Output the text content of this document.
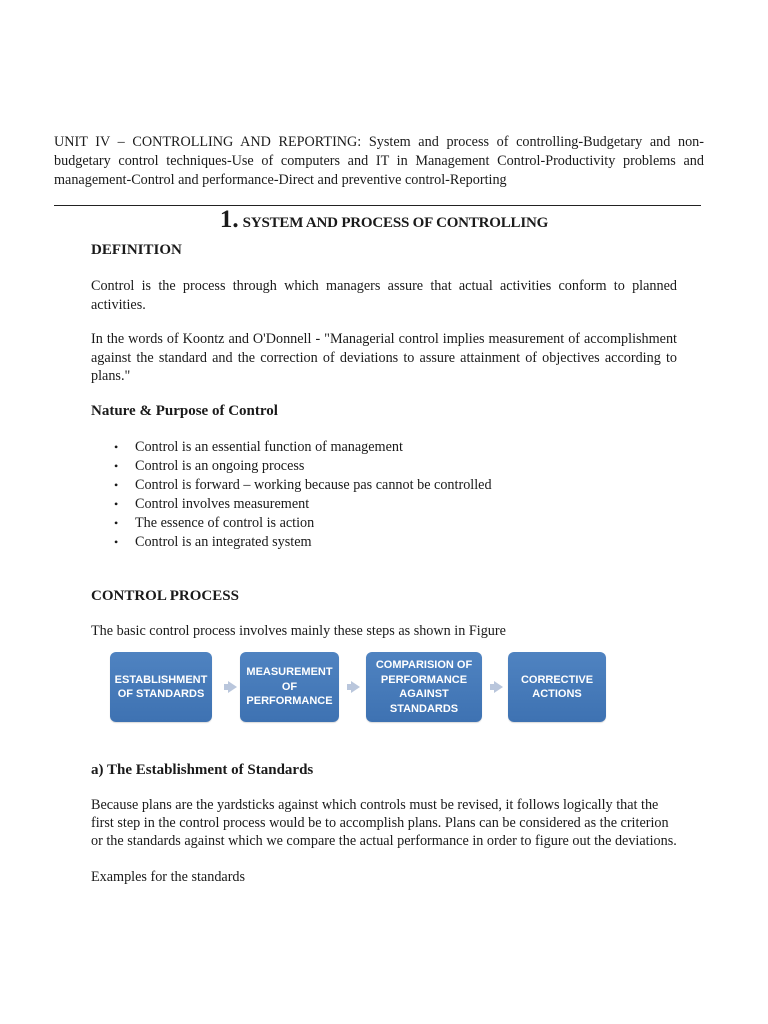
UNIT IV – CONTROLLING AND REPORTING: System and process of controlling-Budgetary and non-budgetary control techniques-Use of computers and IT in Management Control-Productivity problems and management-Control and performance-Direct and preventive control-Reporting

1. SYSTEM AND PROCESS OF CONTROLLING
DEFINITION

Control is the process through which managers assure that actual activities conform to planned activities.

In the words of Koontz and O'Donnell - "Managerial control implies measurement of accomplishment against the standard and the correction of deviations to assure attainment of objectives according to plans."

Nature & Purpose of Control
• Control is an essential function of management
• Control is an ongoing process
• Control is forward – working because pas cannot be controlled
• Control involves measurement
• The essence of control is action
• Control is an integrated system
CONTROL PROCESS

The basic control process involves mainly these steps as shown in Figure

ESTABLISHMENT OF STANDARDS
MEASUREMENT OF PERFORMANCE
COMPARISION OF PERFORMANCE AGAINST STANDARDS
CORRECTIVE ACTIONS
a) The Establishment of Standards

Because plans are the yardsticks against which controls must be revised, it follows logically that the first step in the control process would be to accomplish plans. Plans can be considered as the criterion or the standards against which we compare the actual performance in order to figure out the deviations.

Examples for the standards
